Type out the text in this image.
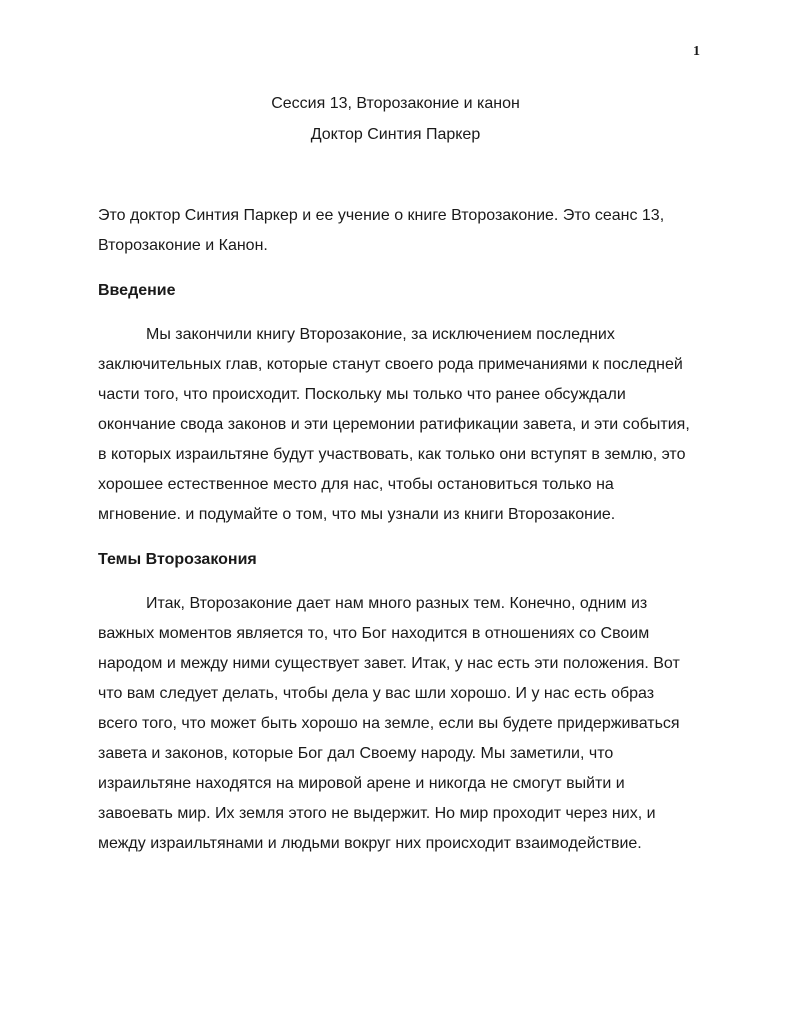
1
Сессия 13, Второзаконие и канон
Доктор Синтия Паркер

Это доктор Синтия Паркер и ее учение о книге Второзаконие. Это сеанс 13, Второзаконие и Канон.

Введение

Мы закончили книгу Второзаконие, за исключением последних заключительных глав, которые станут своего рода примечаниями к последней части того, что происходит. Поскольку мы только что ранее обсуждали окончание свода законов и эти церемонии ратификации завета, и эти события, в которых израильтяне будут участвовать, как только они вступят в землю, это хорошее естественное место для нас, чтобы остановиться только на мгновение. и подумайте о том, что мы узнали из книги Второзаконие.

Темы Второзакония

Итак, Второзаконие дает нам много разных тем. Конечно, одним из важных моментов является то, что Бог находится в отношениях со Своим народом и между ними существует завет. Итак, у нас есть эти положения. Вот что вам следует делать, чтобы дела у вас шли хорошо. И у нас есть образ всего того, что может быть хорошо на земле, если вы будете придерживаться завета и законов, которые Бог дал Своему народу. Мы заметили, что израильтяне находятся на мировой арене и никогда не смогут выйти и завоевать мир. Их земля этого не выдержит. Но мир проходит через них, и между израильтянами и людьми вокруг них происходит взаимодействие.
